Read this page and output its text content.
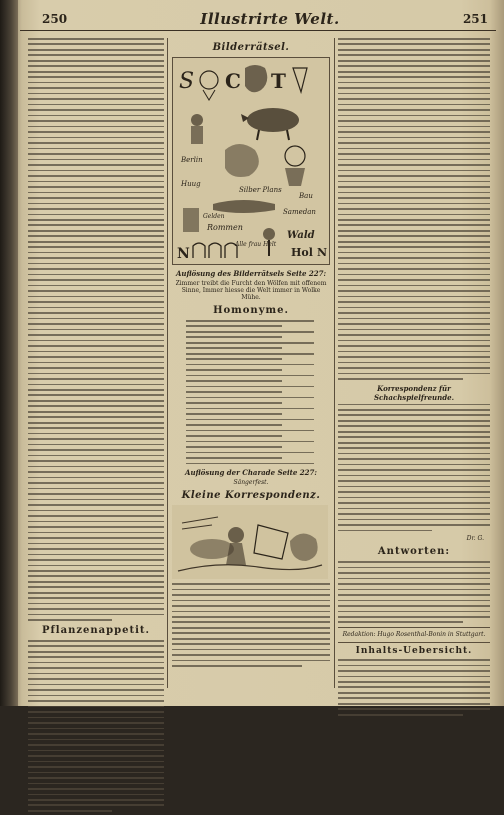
250	Illustrirte Welt.	251
Pflanzenappetit.
Bilderrätsel.
S C T
Berlin
Huug
Silber Plans
Bau
Samedan
Rommen
Gelden
Wald
Hol N
N
Alle frau Helt
Auflösung des Bilderrätsels Seite 227:
Zimmer treibt die Furcht den Wölfen mit offenem Sinne, Immer hiesse die Welt immer in Wolke Mühe.
Homonyme.
Auflösung der Charade Seite 227:
Sängerfest.
Kleine Korrespondenz.
Korrespondenz für Schachspielfreunde.
Dr. G.
Antworten:
Redaktion: Hugo Rosenthal-Bonin in Stuttgart.
Inhalts-Uebersicht.
